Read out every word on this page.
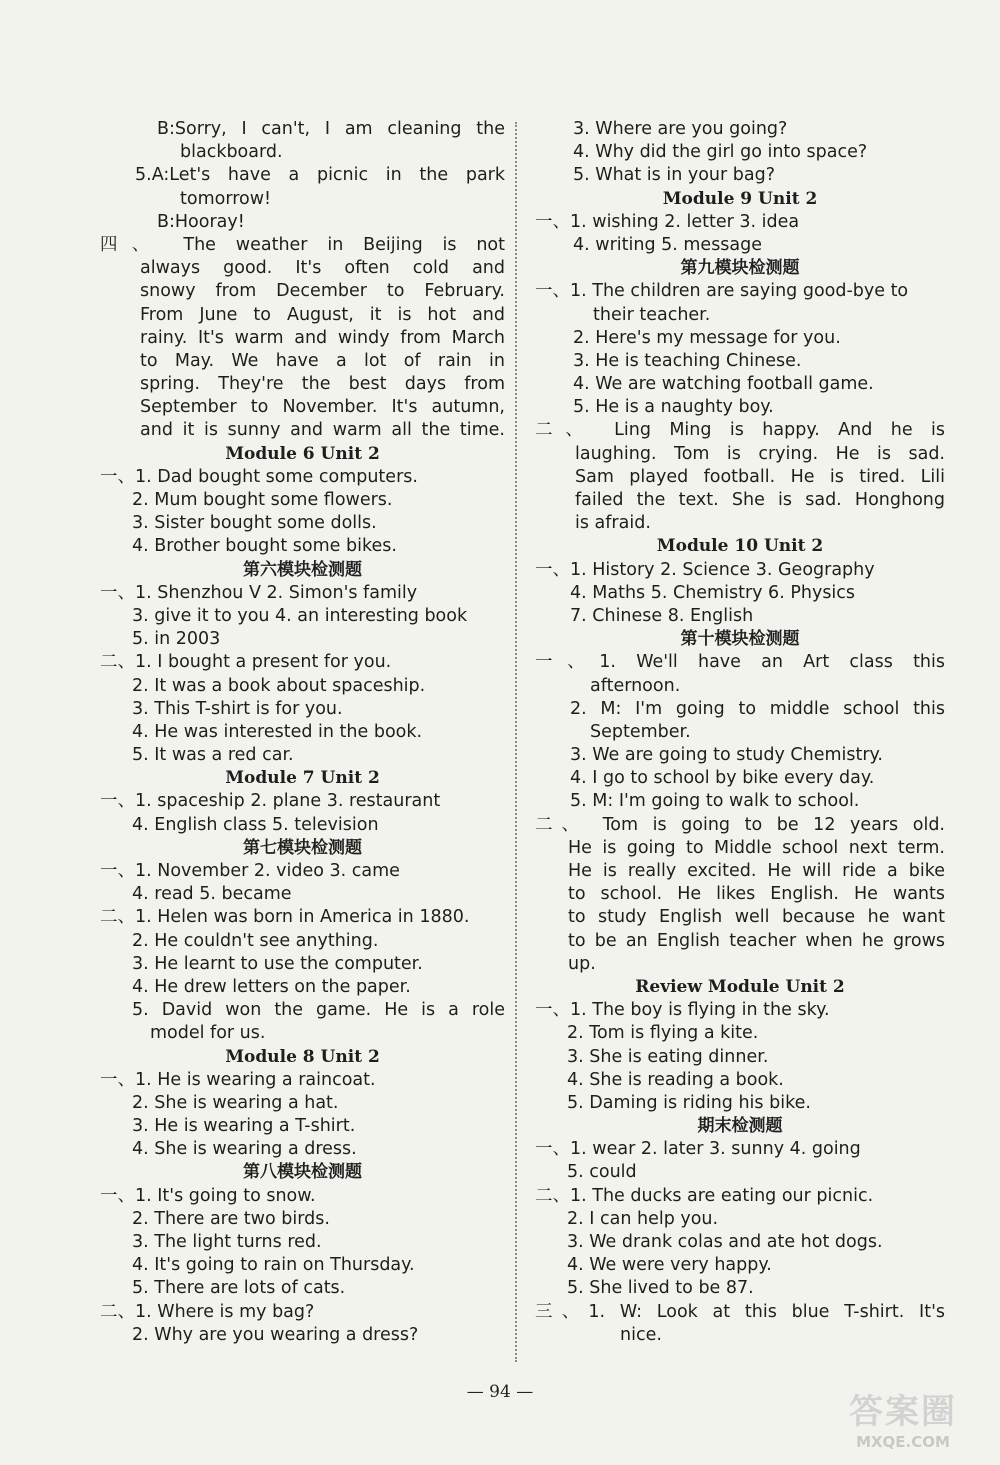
B:Sorry, I can't, I am cleaning the
blackboard.
5.A:Let's have a picnic in the park
tomorrow!
B:Hooray!
四、 The weather in Beijing is not
always good. It's often cold and
snowy from December to February.
From June to August, it is hot and
rainy. It's warm and windy from March
to May. We have a lot of rain in
spring. They're the best days from
September to November. It's autumn,
and it is sunny and warm all the time.
Module 6 Unit 2
一、1. Dad bought some computers.
2. Mum bought some flowers.
3. Sister bought some dolls.
4. Brother bought some bikes.
第六模块检测题
一、1. Shenzhou V 2. Simon's family
3. give it to you 4. an interesting book
5. in 2003
二、1. I bought a present for you.
2. It was a book about spaceship.
3. This T-shirt is for you.
4. He was interested in the book.
5. It was a red car.
Module 7 Unit 2
一、1. spaceship 2. plane 3. restaurant
4. English class 5. television
第七模块检测题
一、1. November 2. video 3. came
4. read 5. became
二、1. Helen was born in America in 1880.
2. He couldn't see anything.
3. He learnt to use the computer.
4. He drew letters on the paper.
5. David won the game. He is a role
model for us.
Module 8 Unit 2
一、1. He is wearing a raincoat.
2. She is wearing a hat.
3. He is wearing a T-shirt.
4. She is wearing a dress.
第八模块检测题
一、1. It's going to snow.
2. There are two birds.
3. The light turns red.
4. It's going to rain on Thursday.
5. There are lots of cats.
二、1. Where is my bag?
2. Why are you wearing a dress?
3. Where are you going?
4. Why did the girl go into space?
5. What is in your bag?
Module 9 Unit 2
一、1. wishing 2. letter 3. idea
4. writing 5. message
第九模块检测题
一、1. The children are saying good-bye to
their teacher.
2. Here's my message for you.
3. He is teaching Chinese.
4. We are watching football game.
5. He is a naughty boy.
二、 Ling Ming is happy. And he is
laughing. Tom is crying. He is sad.
Sam played football. He is tired. Lili
failed the text. She is sad. Honghong
is afraid.
Module 10 Unit 2
一、1. History 2. Science 3. Geography
4. Maths 5. Chemistry 6. Physics
7. Chinese 8. English
第十模块检测题
一、1. We'll have an Art class this
afternoon.
2. M: I'm going to middle school this
September.
3. We are going to study Chemistry.
4. I go to school by bike every day.
5. M: I'm going to walk to school.
二、 Tom is going to be 12 years old.
He is going to Middle school next term.
He is really excited. He will ride a bike
to school. He likes English. He wants
to study English well because he want
to be an English teacher when he grows
up.
Review Module Unit 2
一、1. The boy is flying in the sky.
2. Tom is flying a kite.
3. She is eating dinner.
4. She is reading a book.
5. Daming is riding his bike.
期末检测题
一、1. wear 2. later 3. sunny 4. going
5. could
二、1. The ducks are eating our picnic.
2. I can help you.
3. We drank colas and ate hot dogs.
4. We were very happy.
5. She lived to be 87.
三、1. W: Look at this blue T-shirt. It's
nice.
— 94 —	答案圈
MXQE.COM
